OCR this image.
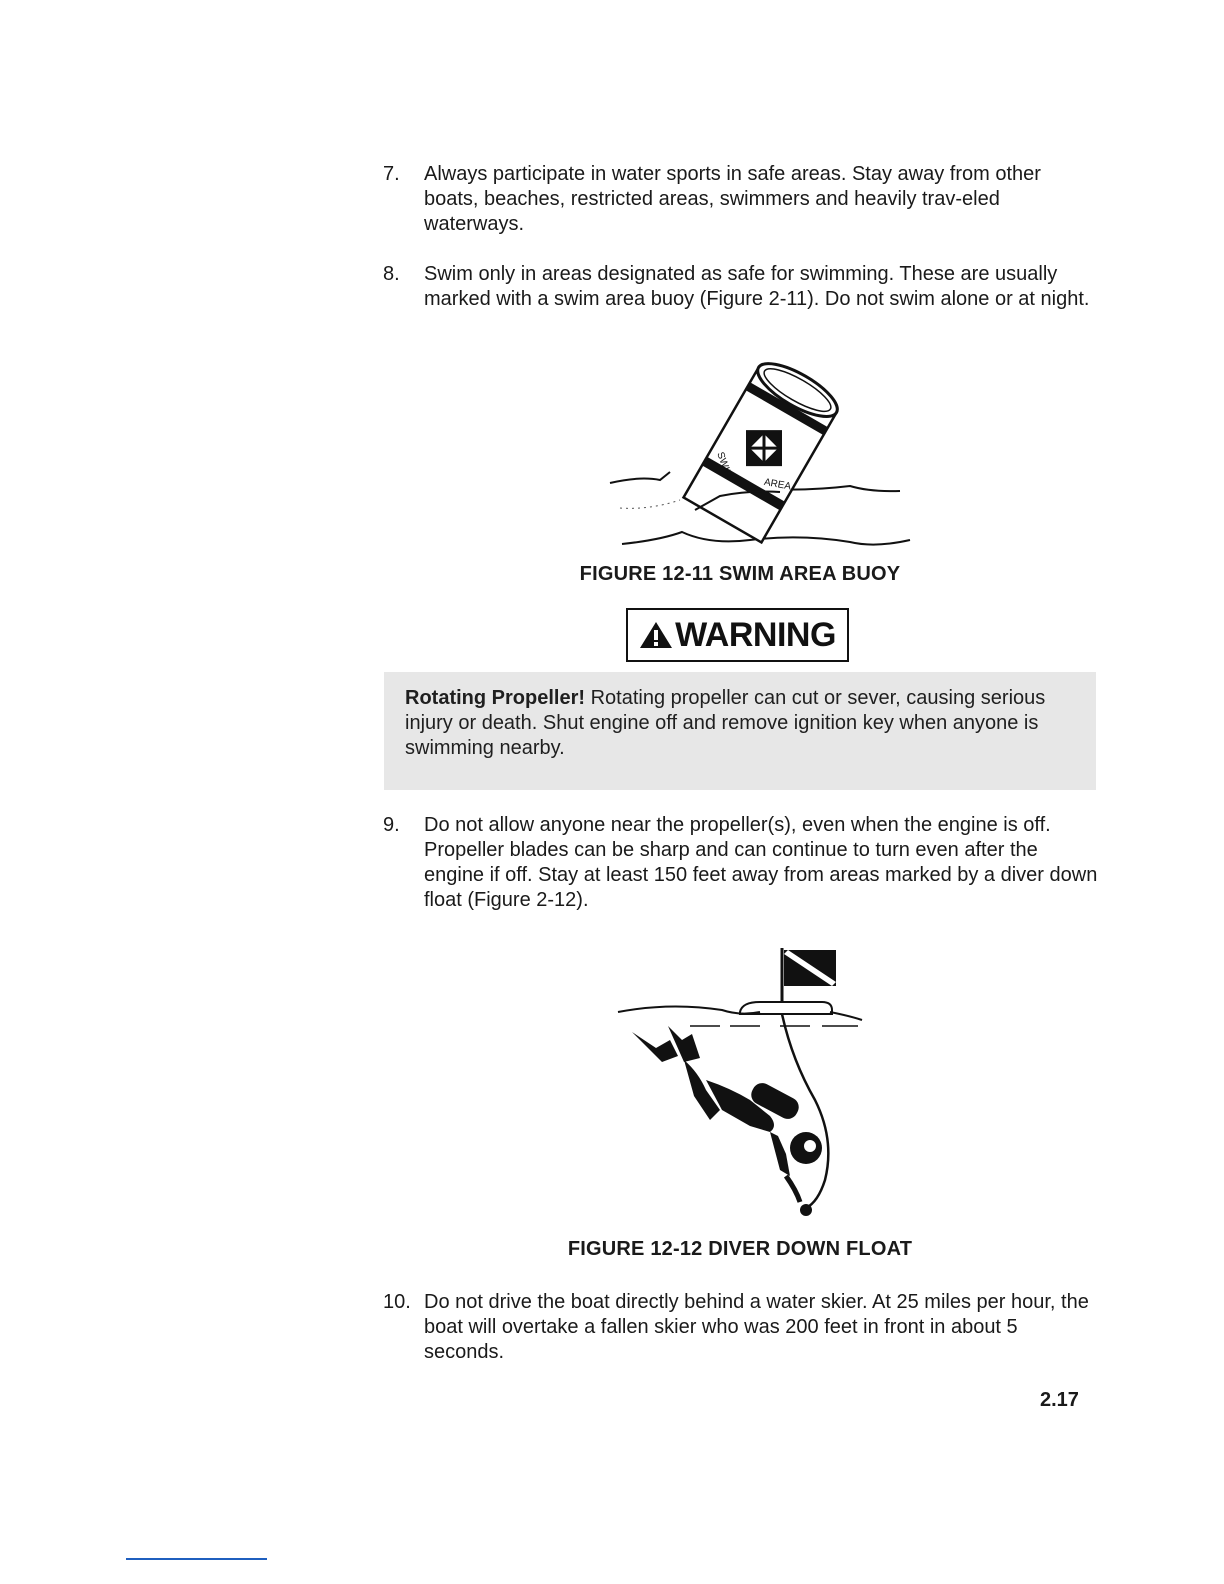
7. Always participate in water sports in safe areas. Stay away from other boats, beaches, restricted areas, swimmers and heavily trav-eled waterways.
8. Swim only in areas designated as safe for swimming. These are usually marked with a swim area buoy (Figure 2-11). Do not swim alone or at night.
SWIM
AREA
FIGURE 12-11 SWIM AREA BUOY
WARNING
Rotating Propeller! Rotating propeller can cut or sever, causing serious injury or death. Shut engine off and remove ignition key when anyone is swimming nearby.
9. Do not allow anyone near the propeller(s), even when the engine is off. Propeller blades can be sharp and can continue to turn even after the engine if off. Stay at least 150 feet away from areas marked by a diver down float (Figure 2-12).
FIGURE 12-12 DIVER DOWN FLOAT
10. Do not drive the boat directly behind a water skier. At 25 miles per hour, the boat will overtake a fallen skier who was 200 feet in front in about 5 seconds.
2.17
